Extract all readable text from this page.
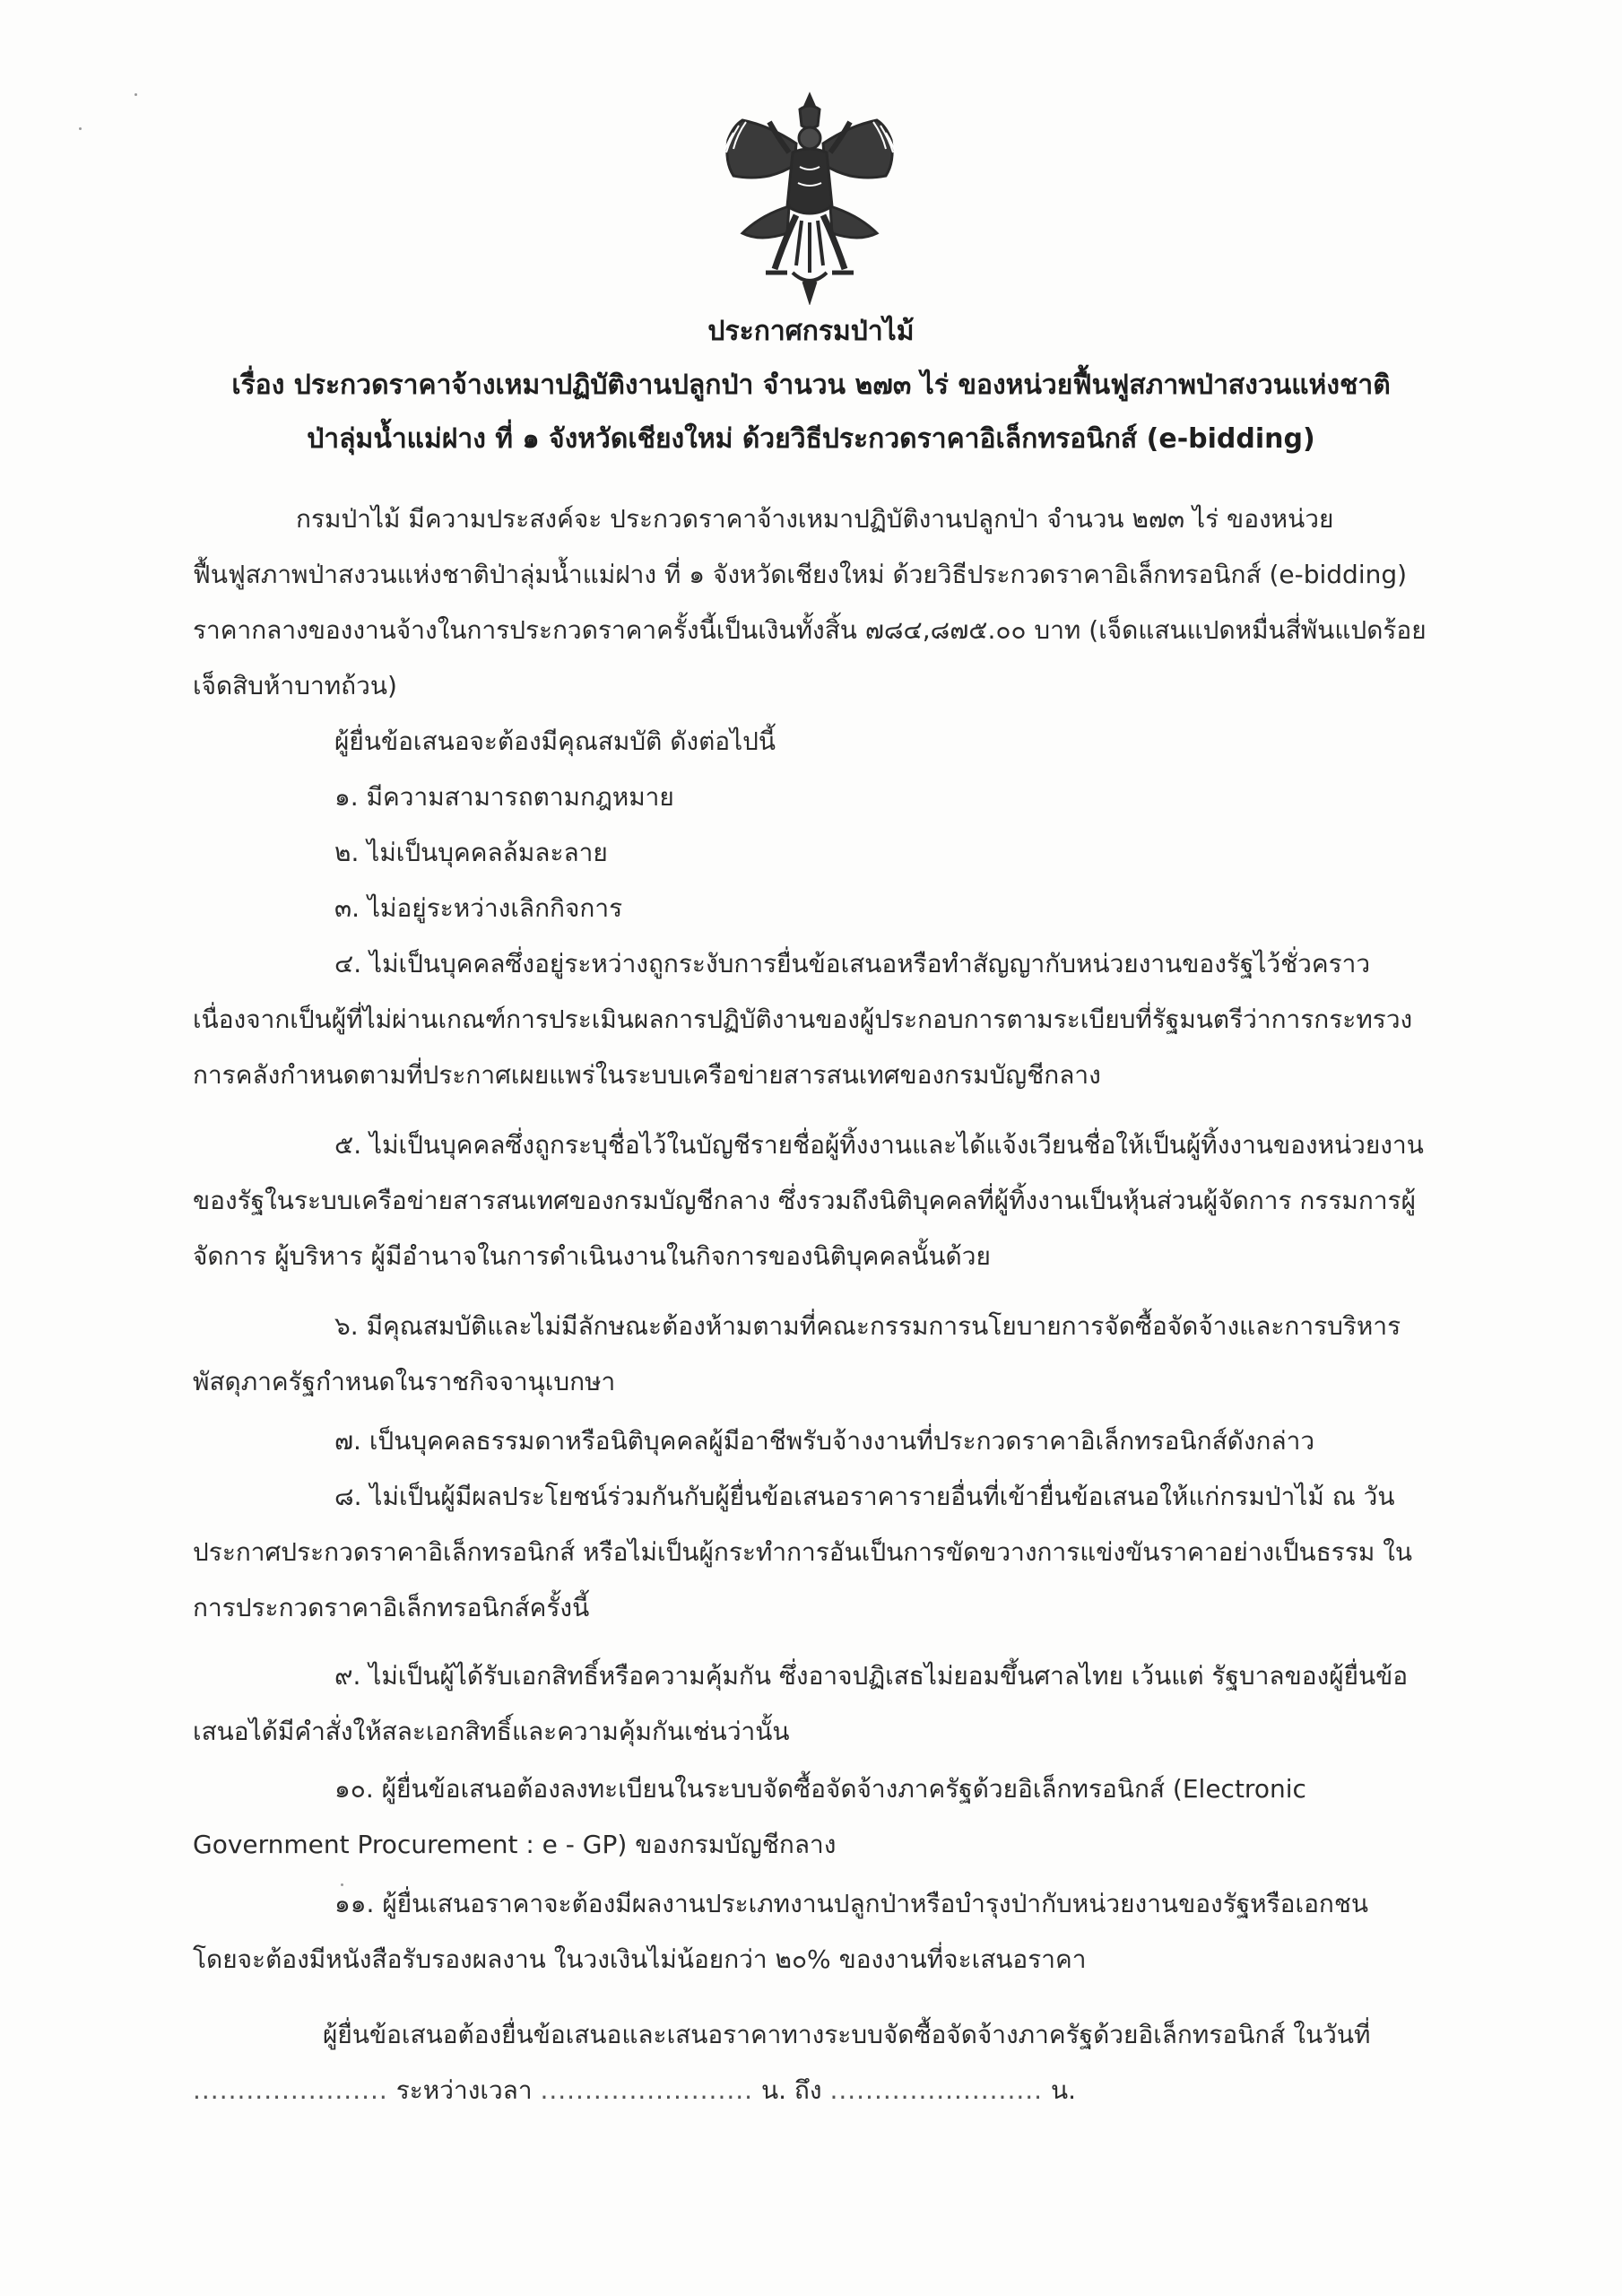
ประกาศกรมป่าไม้
เรื่อง ประกวดราคาจ้างเหมาปฏิบัติงานปลูกป่า จำนวน ๒๗๓ ไร่ ของหน่วยฟื้นฟูสภาพป่าสงวนแห่งชาติ
ป่าลุ่มน้ำแม่ฝาง ที่ ๑ จังหวัดเชียงใหม่ ด้วยวิธีประกวดราคาอิเล็กทรอนิกส์ (e-bidding)
กรมป่าไม้ มีความประสงค์จะ ประกวดราคาจ้างเหมาปฏิบัติงานปลูกป่า จำนวน ๒๗๓ ไร่ ของหน่วย
ฟื้นฟูสภาพป่าสงวนแห่งชาติป่าลุ่มน้ำแม่ฝาง ที่ ๑ จังหวัดเชียงใหม่ ด้วยวิธีประกวดราคาอิเล็กทรอนิกส์ (e-bidding)
ราคากลางของงานจ้างในการประกวดราคาครั้งนี้เป็นเงินทั้งสิ้น ๗๘๔,๘๗๕.๐๐ บาท (เจ็ดแสนแปดหมื่นสี่พันแปดร้อย
เจ็ดสิบห้าบาทถ้วน)
ผู้ยื่นข้อเสนอจะต้องมีคุณสมบัติ ดังต่อไปนี้
๑. มีความสามารถตามกฎหมาย
๒. ไม่เป็นบุคคลล้มละลาย
๓. ไม่อยู่ระหว่างเลิกกิจการ
๔. ไม่เป็นบุคคลซึ่งอยู่ระหว่างถูกระงับการยื่นข้อเสนอหรือทำสัญญากับหน่วยงานของรัฐไว้ชั่วคราว
เนื่องจากเป็นผู้ที่ไม่ผ่านเกณฑ์การประเมินผลการปฏิบัติงานของผู้ประกอบการตามระเบียบที่รัฐมนตรีว่าการกระทรวง
การคลังกำหนดตามที่ประกาศเผยแพร่ในระบบเครือข่ายสารสนเทศของกรมบัญชีกลาง
๕. ไม่เป็นบุคคลซึ่งถูกระบุชื่อไว้ในบัญชีรายชื่อผู้ทิ้งงานและได้แจ้งเวียนชื่อให้เป็นผู้ทิ้งงานของหน่วยงาน
ของรัฐในระบบเครือข่ายสารสนเทศของกรมบัญชีกลาง ซึ่งรวมถึงนิติบุคคลที่ผู้ทิ้งงานเป็นหุ้นส่วนผู้จัดการ กรรมการผู้
จัดการ ผู้บริหาร ผู้มีอำนาจในการดำเนินงานในกิจการของนิติบุคคลนั้นด้วย
๖. มีคุณสมบัติและไม่มีลักษณะต้องห้ามตามที่คณะกรรมการนโยบายการจัดซื้อจัดจ้างและการบริหาร
พัสดุภาครัฐกำหนดในราชกิจจานุเบกษา
๗. เป็นบุคคลธรรมดาหรือนิติบุคคลผู้มีอาชีพรับจ้างงานที่ประกวดราคาอิเล็กทรอนิกส์ดังกล่าว
๘. ไม่เป็นผู้มีผลประโยชน์ร่วมกันกับผู้ยื่นข้อเสนอราคารายอื่นที่เข้ายื่นข้อเสนอให้แก่กรมป่าไม้ ณ วัน
ประกาศประกวดราคาอิเล็กทรอนิกส์ หรือไม่เป็นผู้กระทำการอันเป็นการขัดขวางการแข่งขันราคาอย่างเป็นธรรม ใน
การประกวดราคาอิเล็กทรอนิกส์ครั้งนี้
๙. ไม่เป็นผู้ได้รับเอกสิทธิ์หรือความคุ้มกัน ซึ่งอาจปฏิเสธไม่ยอมขึ้นศาลไทย เว้นแต่ รัฐบาลของผู้ยื่นข้อ
เสนอได้มีคำสั่งให้สละเอกสิทธิ์และความคุ้มกันเช่นว่านั้น
๑๐. ผู้ยื่นข้อเสนอต้องลงทะเบียนในระบบจัดซื้อจัดจ้างภาครัฐด้วยอิเล็กทรอนิกส์ (Electronic
Government Procurement : e - GP) ของกรมบัญชีกลาง
๑๑. ผู้ยื่นเสนอราคาจะต้องมีผลงานประเภทงานปลูกป่าหรือบำรุงป่ากับหน่วยงานของรัฐหรือเอกชน
โดยจะต้องมีหนังสือรับรองผลงาน ในวงเงินไม่น้อยกว่า ๒๐% ของงานที่จะเสนอราคา
ผู้ยื่นข้อเสนอต้องยื่นข้อเสนอและเสนอราคาทางระบบจัดซื้อจัดจ้างภาครัฐด้วยอิเล็กทรอนิกส์ ในวันที่
...................... ระหว่างเวลา ........................ น. ถึง ........................ น.
